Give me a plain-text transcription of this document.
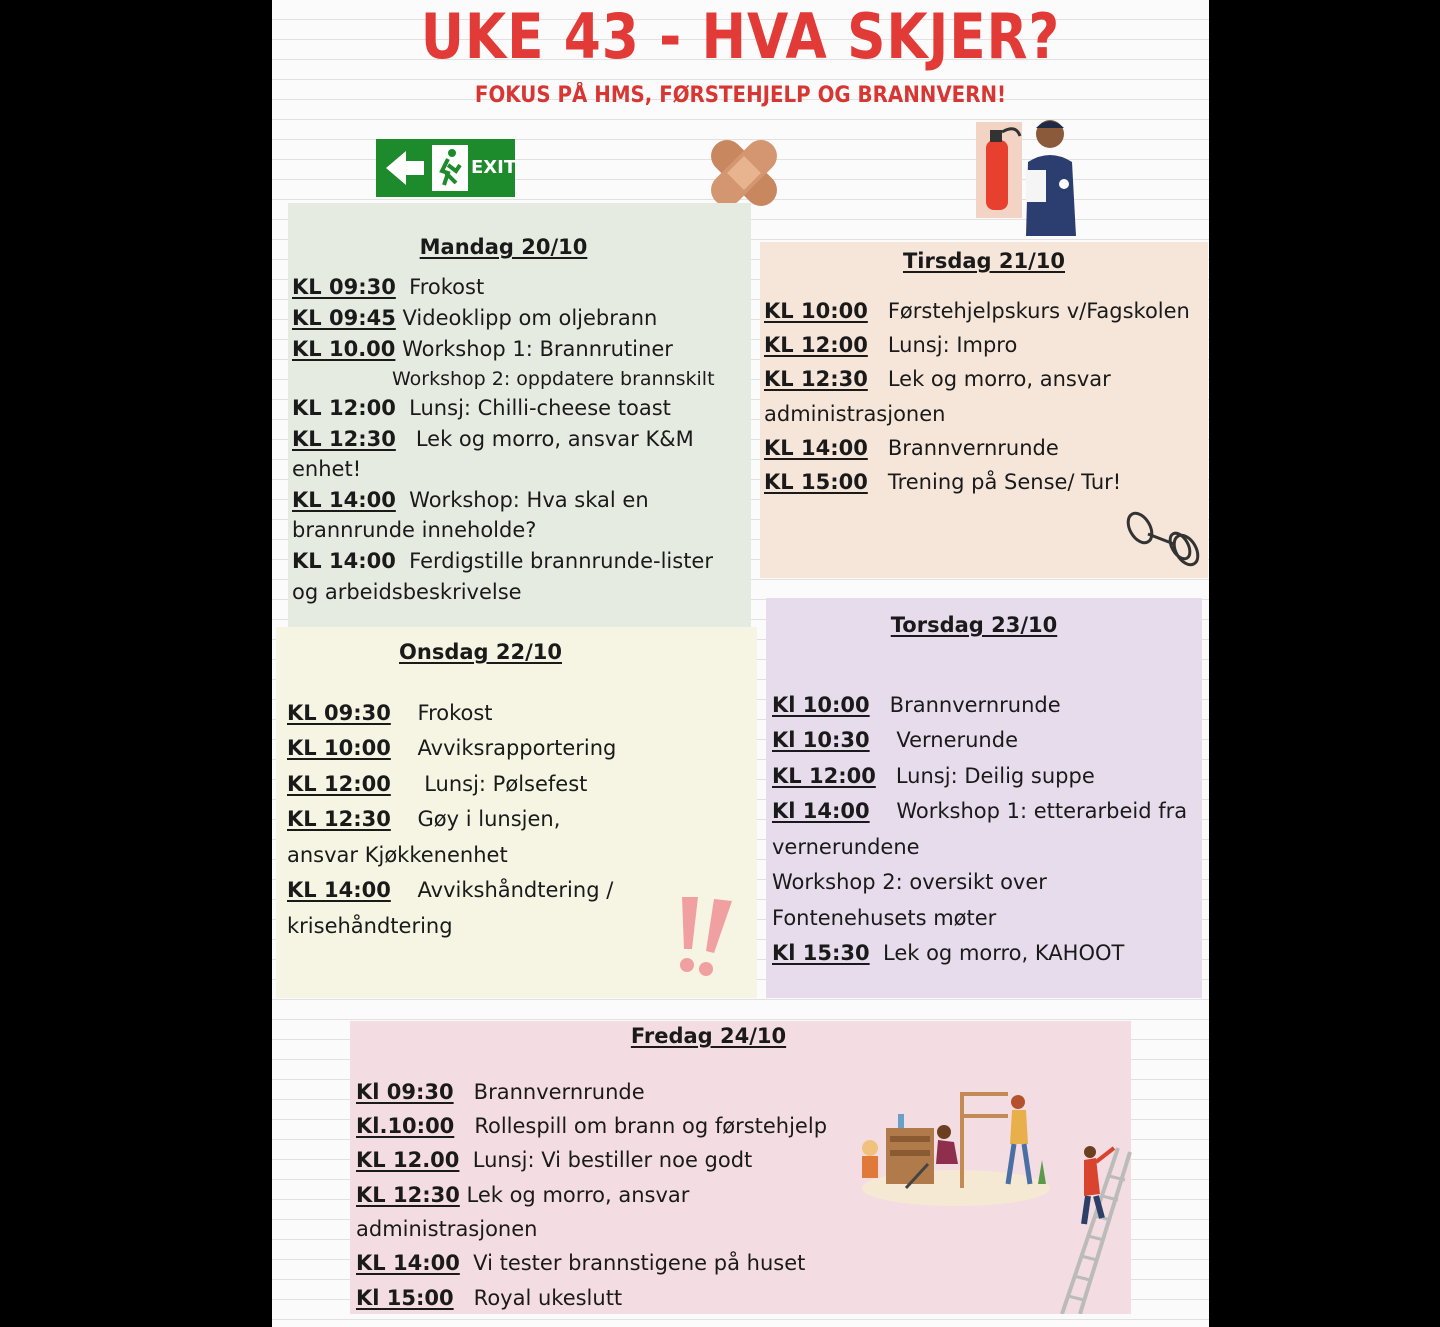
UKE 43 - HVA SKJER?
FOKUS PÅ HMS, FØRSTEHJELP OG BRANNVERN!
EXIT
Mandag 20/10
KL 09:30 Frokost
KL 09:45 Videoklipp om oljebrann
KL 10.00 Workshop 1: Brannrutiner
Workshop 2: oppdatere brannskilt
KL 12:00 Lunsj: Chilli-cheese toast
KL 12:30 Lek og morro, ansvar K&M
enhet!
KL 14:00 Workshop: Hva skal en
brannrunde inneholde?
KL 14:00 Ferdigstille brannrunde-lister
og arbeidsbeskrivelse
Tirsdag 21/10
KL 10:00 Førstehjelpskurs v/Fagskolen
KL 12:00 Lunsj: Impro
KL 12:30 Lek og morro, ansvar
administrasjonen
KL 14:00 Brannvernrunde
KL 15:00 Trening på Sense/ Tur!
Onsdag 22/10
KL 09:30 Frokost
KL 10:00 Avviksrapportering
KL 12:00 Lunsj: Pølsefest
KL 12:30 Gøy i lunsjen,
ansvar Kjøkkenenhet
KL 14:00 Avvikshåndtering /
krisehåndtering
Torsdag 23/10
Kl 10:00 Brannvernrunde
Kl 10:30 Vernerunde
KL 12:00 Lunsj: Deilig suppe
Kl 14:00 Workshop 1: etterarbeid fra
vernerundene
Workshop 2: oversikt over
Fontenehusets møter
Kl 15:30 Lek og morro, KAHOOT
Fredag 24/10
Kl 09:30 Brannvernrunde
Kl.10:00 Rollespill om brann og førstehjelp
KL 12.00 Lunsj: Vi bestiller noe godt
KL 12:30 Lek og morro, ansvar
administrasjonen
KL 14:00 Vi tester brannstigene på huset
Kl 15:00 Royal ukeslutt
